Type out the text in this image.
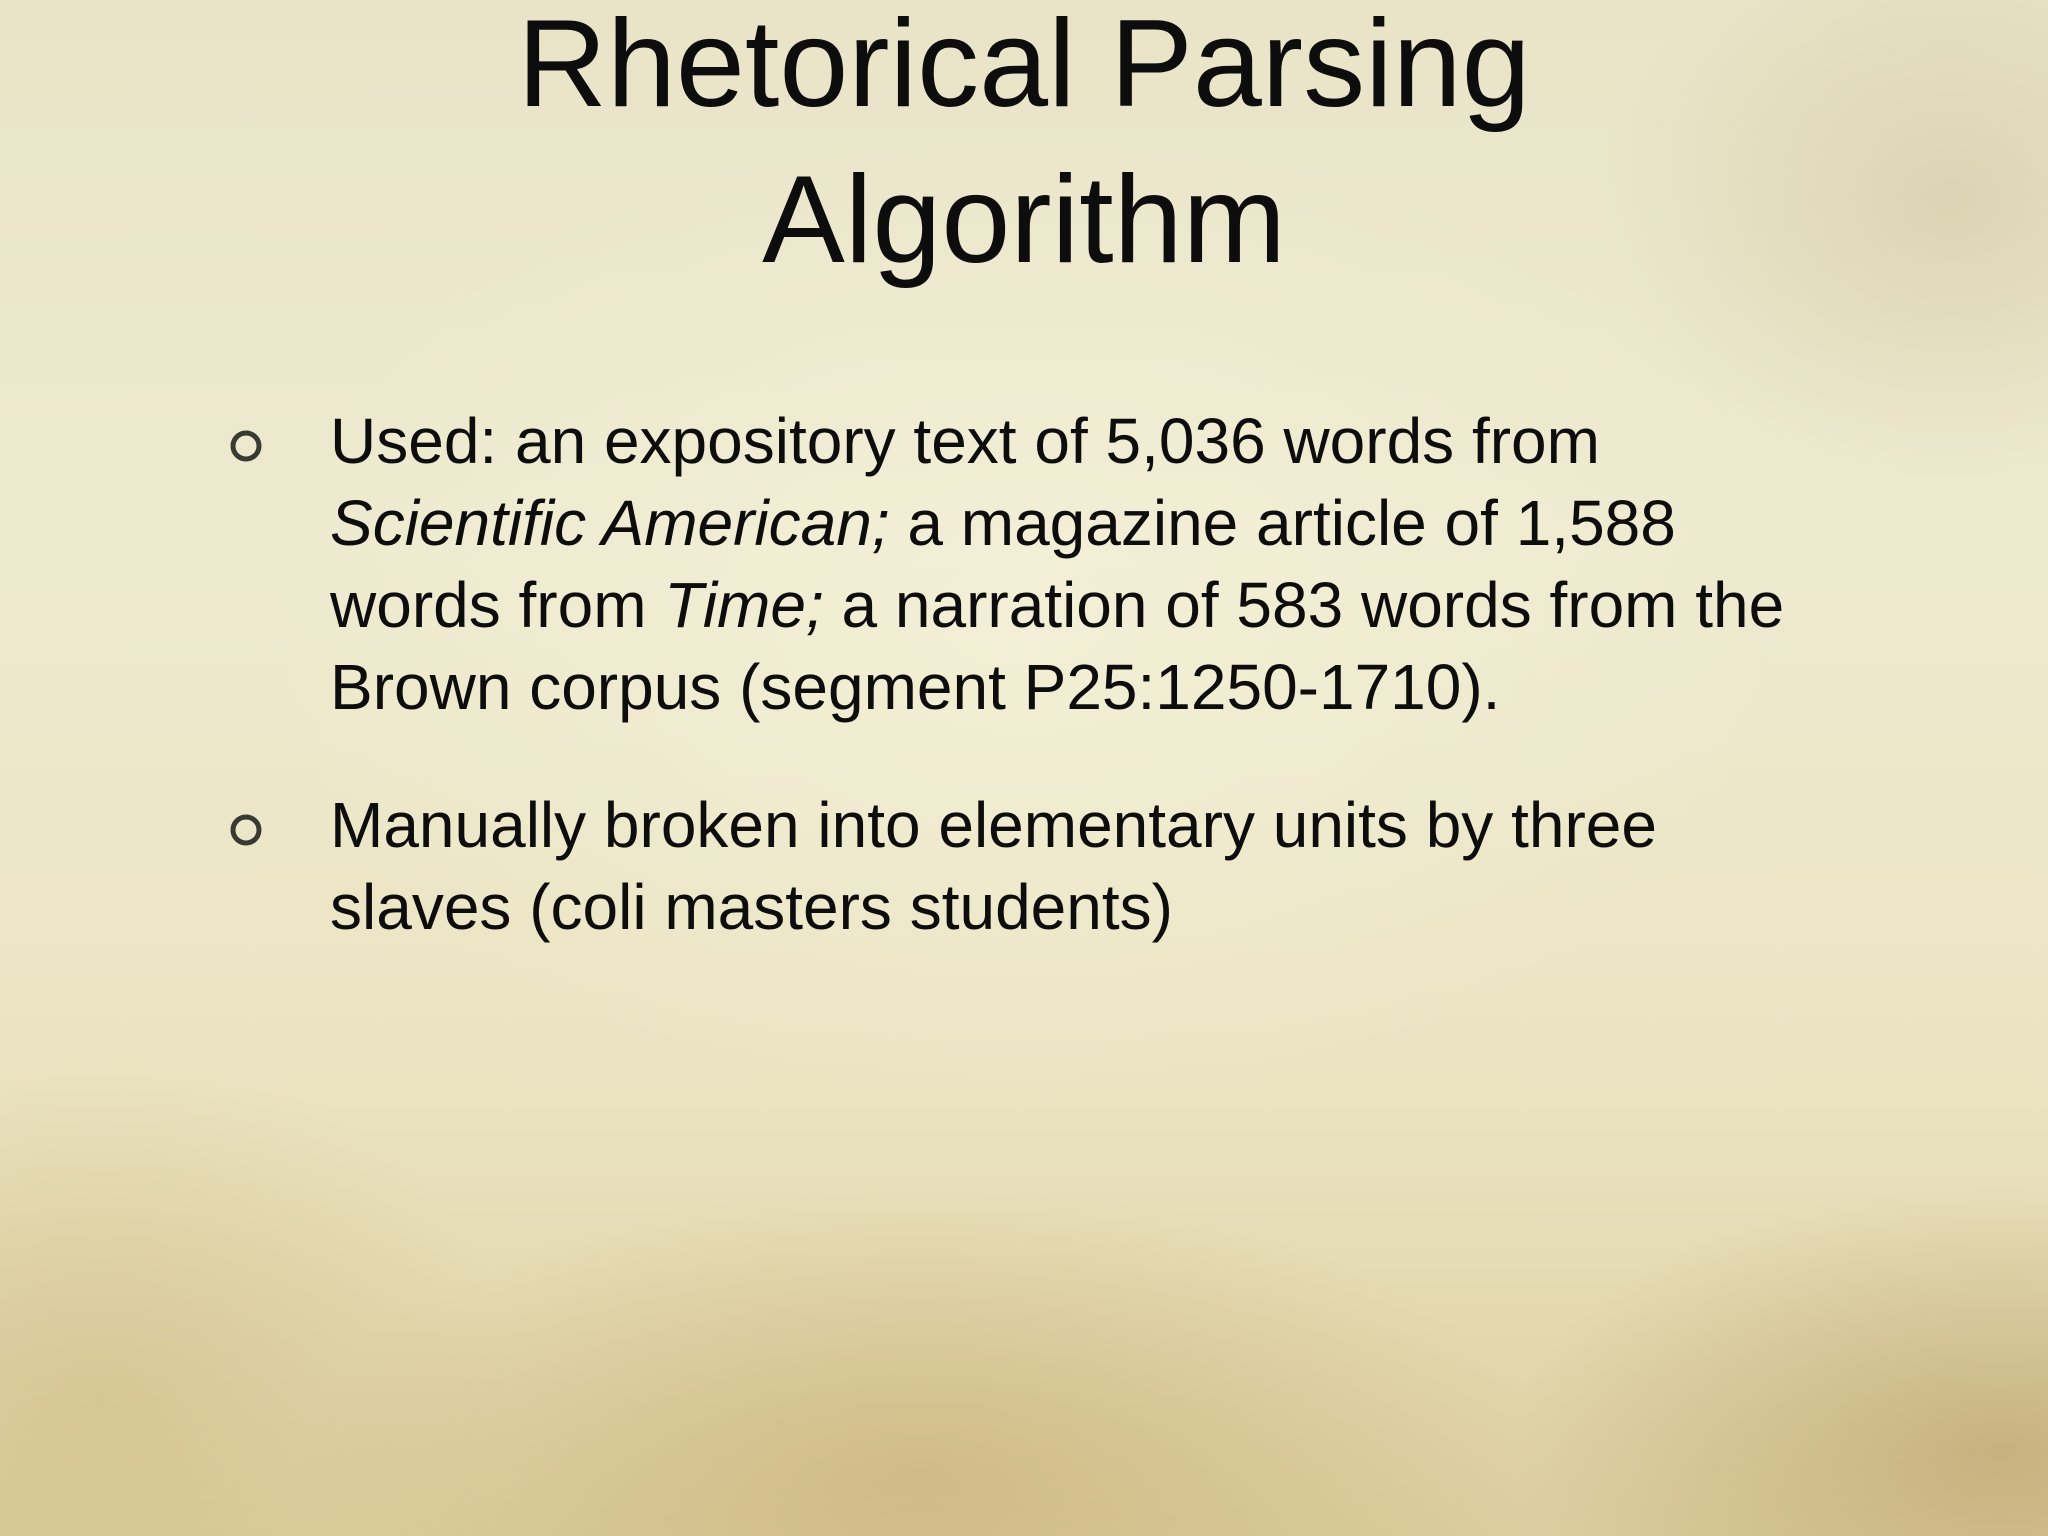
Rhetorical Parsing
Algorithm
Used: an expository text of 5,036 words from Scientific American; a magazine article of 1,588 words from Time; a narration of 583 words from the Brown corpus (segment P25:1250-1710).
Manually broken into elementary units by three slaves (coli masters students)
